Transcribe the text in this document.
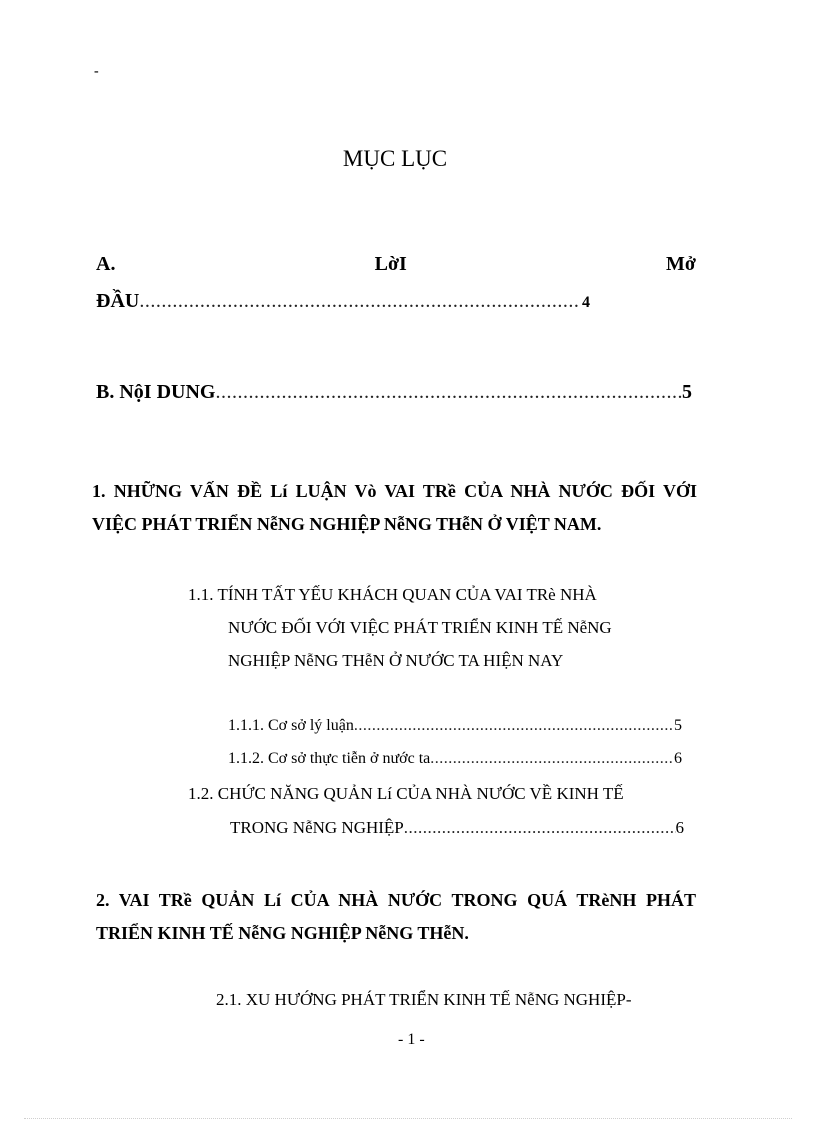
-
MỤC LỤC
A.	LờI	Mở
ĐẦU .....	4
B. NộI DUNG .....	5
1. NHỮNG VẤN ĐỀ Lí LUẬN Vò VAI TRề CỦA NHÀ NƯỚC ĐỐI VỚI VIỆC PHÁT TRIỂN NễNG NGHIỆP NễNG THễN Ở VIỆT NAM.
1.1. TÍNH TẤT YẾU KHÁCH QUAN CỦA VAI TRè NHÀ
NƯỚC ĐỐI VỚI VIỆC PHÁT TRIỂN KINH TẾ NễNG
NGHIỆP NễNG THễN Ở NƯỚC TA HIỆN NAY
1.1.1. Cơ sở lý luận .....	5
1.1.2. Cơ sở thực tiễn ở nước ta .....	6
1.2. CHỨC NĂNG QUẢN Lí CỦA NHÀ NƯỚC VỀ KINH TẾ
TRONG NễNG NGHIỆP .....	6
2. VAI TRề QUẢN Lí CỦA NHÀ NƯỚC TRONG QUÁ TRèNH PHÁT TRIỂN KINH TẾ NễNG NGHIỆP NễNG THễN.
2.1. XU HƯỚNG PHÁT TRIỂN KINH TẾ NễNG NGHIỆP-
- 1 -
